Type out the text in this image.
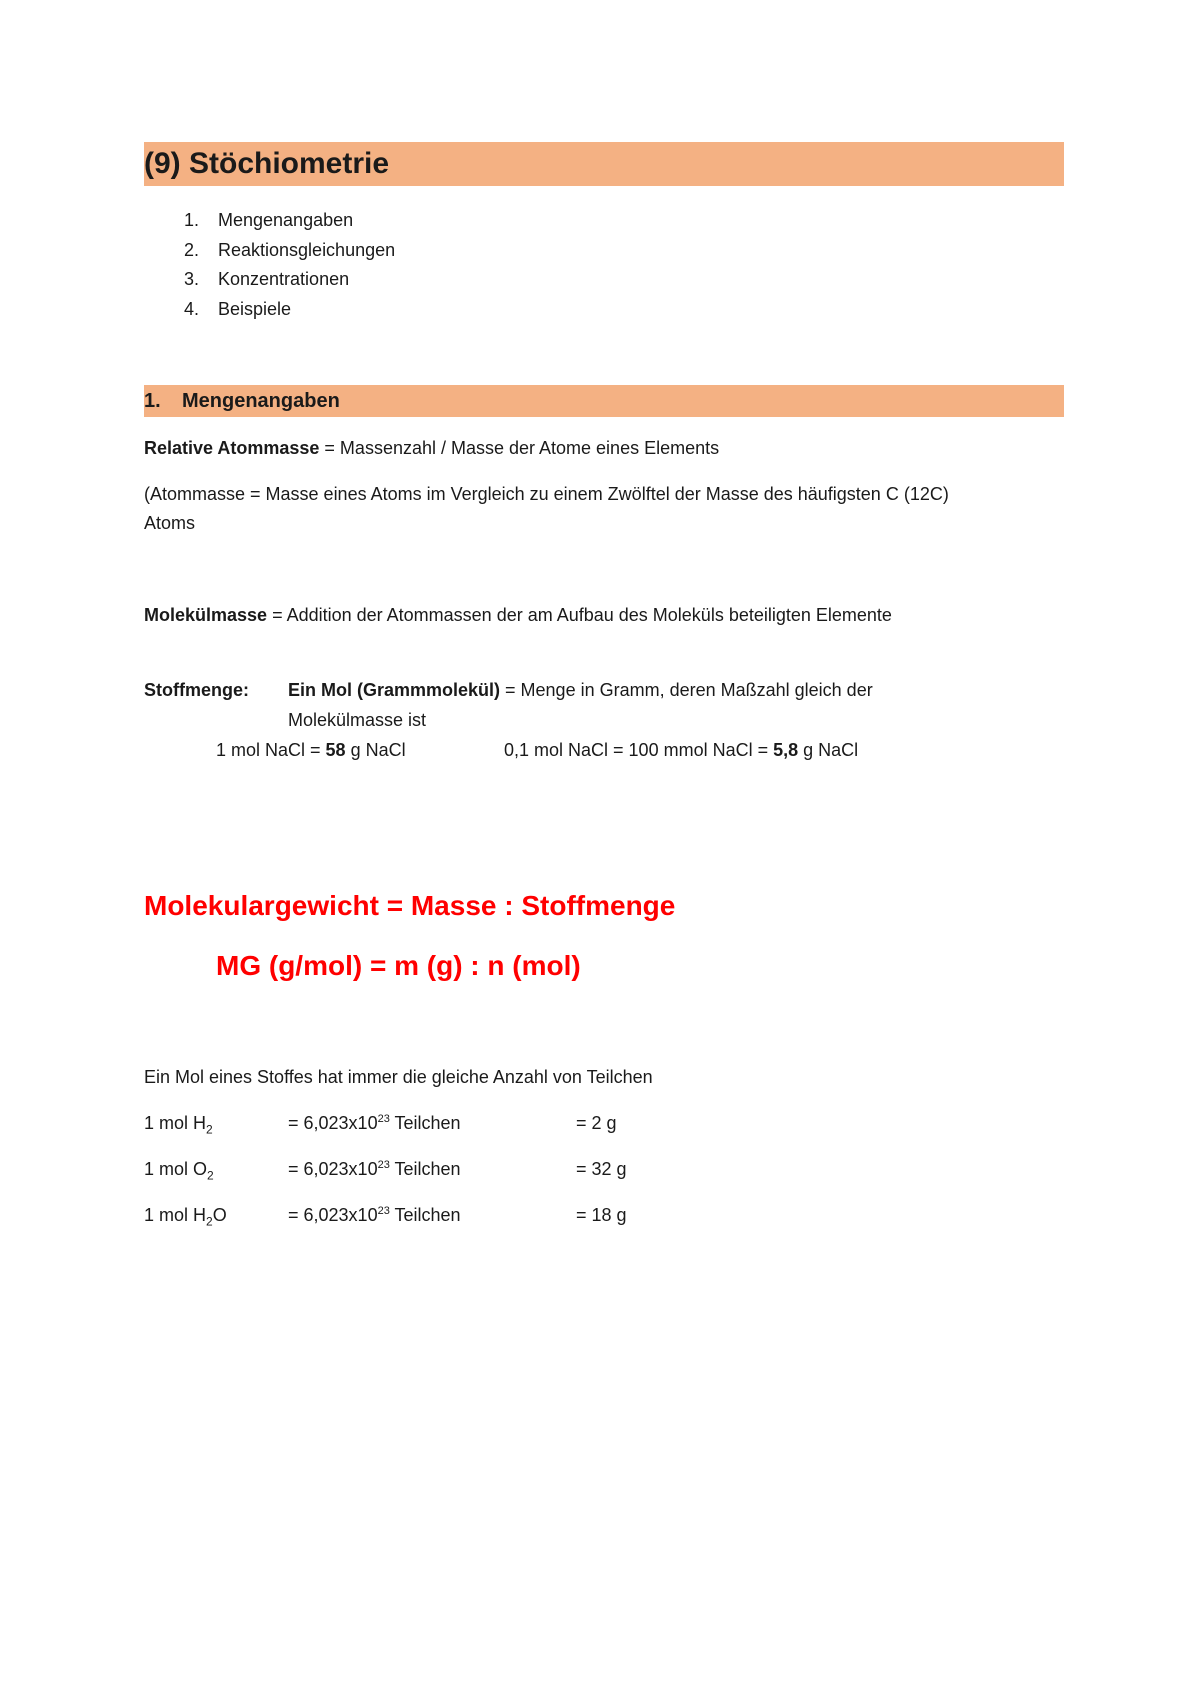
(9) Stöchiometrie
1. Mengenangaben
2. Reaktionsgleichungen
3. Konzentrationen
4. Beispiele
1. Mengenangaben
Relative Atommasse = Massenzahl / Masse der Atome eines Elements
(Atommasse = Masse eines Atoms im Vergleich zu einem Zwölftel der Masse des häufigsten C (12C)
Atoms
Molekülmasse = Addition der Atommassen der am Aufbau des Moleküls beteiligten Elemente
Stoffmenge: Ein Mol (Grammmolekül) = Menge in Gramm, deren Maßzahl gleich der
Molekülmasse ist
1 mol NaCl = 58 g NaCl	0,1 mol NaCl = 100 mmol NaCl = 5,8 g NaCl
Molekulargewicht = Masse : Stoffmenge
MG (g/mol) = m (g) : n (mol)
Ein Mol eines Stoffes hat immer die gleiche Anzahl von Teilchen
1 mol $H_2$	= $6,023x10^{23}$ Teilchen	= 2 g
1 mol $O_2$	= $6,023x10^{23}$ Teilchen	= 32 g
1 mol $H_2O$	= $6,023x10^{23}$ Teilchen	= 18 g
